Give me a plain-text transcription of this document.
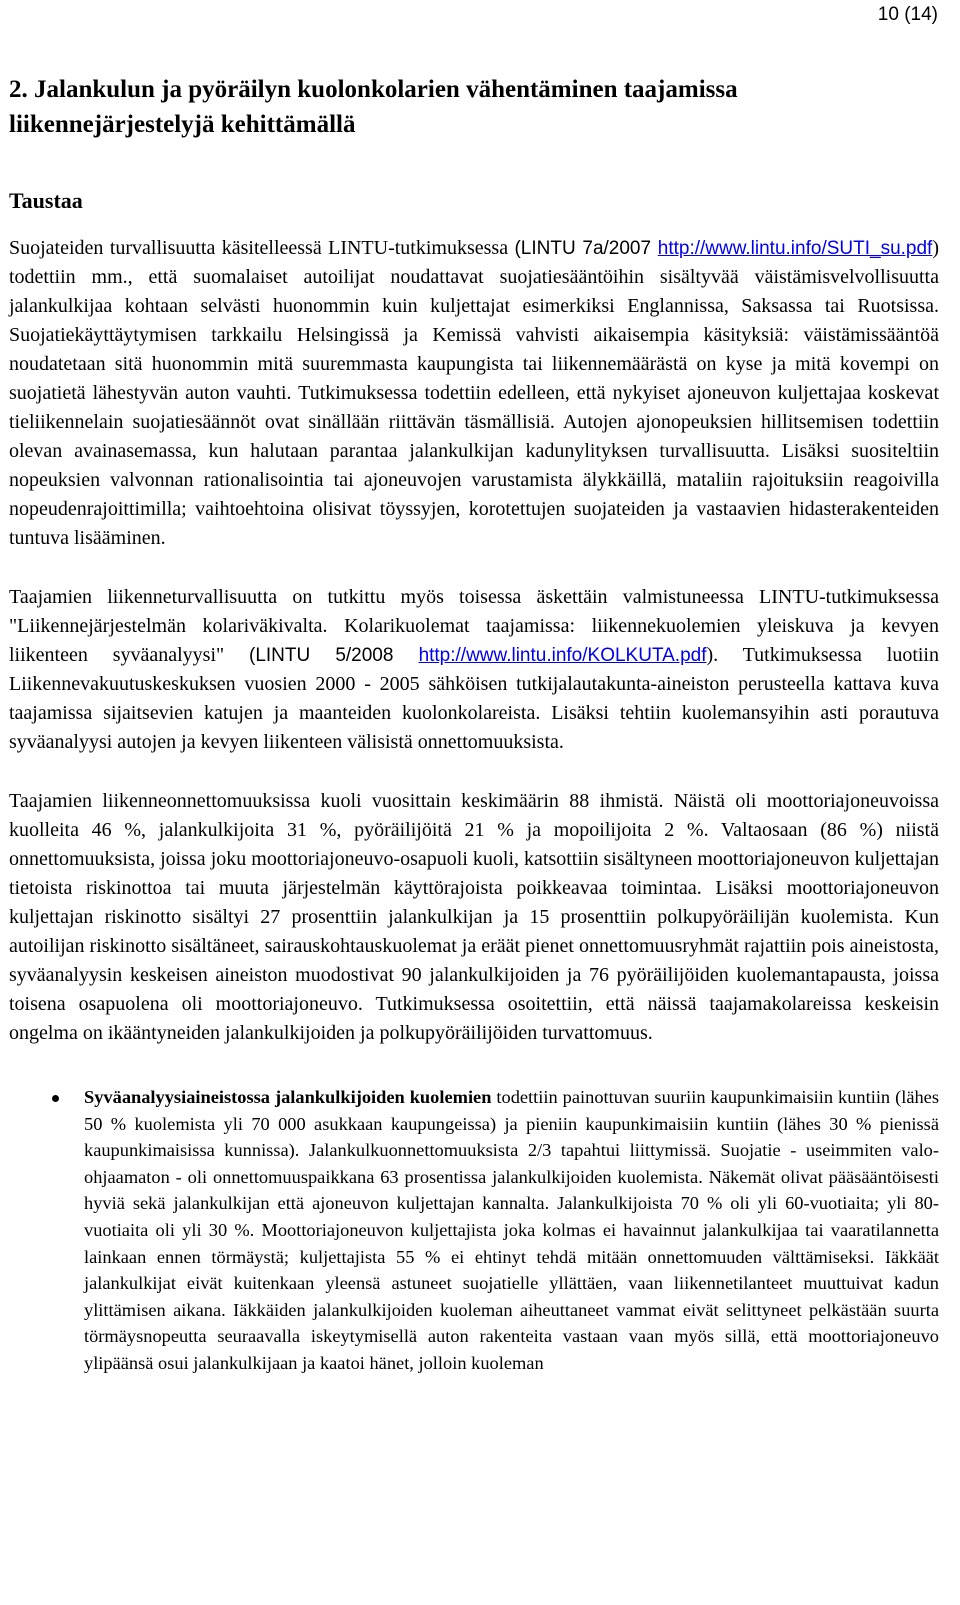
10 (14)
2. Jalankulun ja pyöräilyn kuolonkolarien vähentäminen taajamissa liikennejärjestelyjä kehittämällä
Taustaa

Suojateiden turvallisuutta käsitelleessä LINTU-tutkimuksessa (LINTU 7a/2007 http://www.lintu.info/SUTI_su.pdf) todettiin mm., että suomalaiset autoilijat noudattavat suojatiesääntöihin sisältyvää väistämisvelvollisuutta jalankulkijaa kohtaan selvästi huonommin kuin kuljettajat esimerkiksi Englannissa, Saksassa tai Ruotsissa. Suojatiekäyttäytymisen tarkkailu Helsingissä ja Kemissä vahvisti aikaisempia käsityksiä: väistämissääntöä noudatetaan sitä huonommin mitä suuremmasta kaupungista tai liikennemäärästä on kyse ja mitä kovempi on suojatietä lähestyvän auton vauhti. Tutkimuksessa todettiin edelleen, että nykyiset ajoneuvon kuljettajaa koskevat tieliikennelain suojatiesäännöt ovat sinällään riittävän täsmällisiä. Autojen ajonopeuksien hillitsemisen todettiin olevan avainasemassa, kun halutaan parantaa jalankulkijan kadunylityksen turvallisuutta. Lisäksi suositeltiin nopeuksien valvonnan rationalisointia tai ajoneuvojen varustamista älykkäillä, mataliin rajoituksiin reagoivilla nopeudenrajoittimilla; vaihtoehtoina olisivat töyssyjen, korotettujen suojateiden ja vastaavien hidasterakenteiden tuntuva lisääminen.

Taajamien liikenneturvallisuutta on tutkittu myös toisessa äskettäin valmistuneessa LINTU-tutkimuksessa "Liikennejärjestelmän kolariväkivalta. Kolarikuolemat taajamissa: liikennekuolemien yleiskuva ja kevyen liikenteen syväanalyysi" (LINTU 5/2008 http://www.lintu.info/KOLKUTA.pdf). Tutkimuksessa luotiin Liikennevakuutuskeskuksen vuosien 2000 - 2005 sähköisen tutkijalautakunta-aineiston perusteella kattava kuva taajamissa sijaitsevien katujen ja maanteiden kuolonkolareista. Lisäksi tehtiin kuolemansyihin asti porautuva syväanalyysi autojen ja kevyen liikenteen välisistä onnettomuuksista.

Taajamien liikenneonnettomuuksissa kuoli vuosittain keskimäärin 88 ihmistä. Näistä oli moottoriajoneuvoissa kuolleita 46 %, jalankulkijoita 31 %, pyöräilijöitä 21 % ja mopoilijoita 2 %. Valtaosaan (86 %) niistä onnettomuuksista, joissa joku moottoriajoneuvo-osapuoli kuoli, katsottiin sisältyneen moottoriajoneuvon kuljettajan tietoista riskinottoa tai muuta järjestelmän käyttörajoista poikkeavaa toimintaa. Lisäksi moottoriajoneuvon kuljettajan riskinotto sisältyi 27 prosenttiin jalankulkijan ja 15 prosenttiin polkupyöräilijän kuolemista. Kun autoilijan riskinotto sisältäneet, sairauskohtauskuolemat ja eräät pienet onnettomuusryhmät rajattiin pois aineistosta, syväanalyysin keskeisen aineiston muodostivat 90 jalankulkijoiden ja 76 pyöräilijöiden kuolemantapausta, joissa toisena osapuolena oli moottoriajoneuvo. Tutkimuksessa osoitettiin, että näissä taajamakolareissa keskeisin ongelma on ikääntyneiden jalankulkijoiden ja polkupyöräilijöiden turvattomuus.

Syväanalyysiaineistossa jalankulkijoiden kuolemien todettiin painottuvan suuriin kaupunkimaisiin kuntiin (lähes 50 % kuolemista yli 70 000 asukkaan kaupungeissa) ja pieniin kaupunkimaisiin kuntiin (lähes 30 % pienissä kaupunkimaisissa kunnissa). Jalankulkuonnettomuuksista 2/3 tapahtui liittymissä. Suojatie - useimmiten valo-ohjaamaton - oli onnettomuuspaikkana 63 prosentissa jalankulkijoiden kuolemista. Näkemät olivat pääsääntöisesti hyviä sekä jalankulkijan että ajoneuvon kuljettajan kannalta. Jalankulkijoista 70 % oli yli 60-vuotiaita; yli 80-vuotiaita oli yli 30 %. Moottoriajoneuvon kuljettajista joka kolmas ei havainnut jalankulkijaa tai vaaratilannetta lainkaan ennen törmäystä; kuljettajista 55 % ei ehtinyt tehdä mitään onnettomuuden välttämiseksi. Iäkkäät jalankulkijat eivät kuitenkaan yleensä astuneet suojatielle yllättäen, vaan liikennetilanteet muuttuivat kadun ylittämisen aikana. Iäkkäiden jalankulkijoiden kuoleman aiheuttaneet vammat eivät selittyneet pelkästään suurta törmäysnopeutta seuraavalla iskeytymisellä auton rakenteita vastaan vaan myös sillä, että moottoriajoneuvo ylipäänsä osui jalankulkijaan ja kaatoi hänet, jolloin kuoleman
